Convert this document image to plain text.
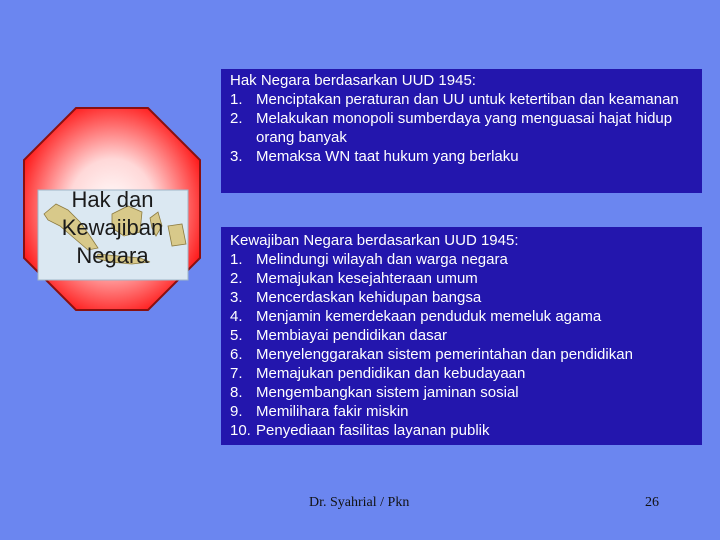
Hak dan
Kewajiban
Negara
Hak Negara berdasarkan UUD 1945:
1. Menciptakan peraturan dan UU untuk ketertiban dan keamanan
2. Melakukan monopoli sumberdaya yang menguasai hajat hidup orang banyak
3. Memaksa WN taat hukum yang berlaku
Kewajiban Negara berdasarkan UUD 1945:
1. Melindungi wilayah dan warga negara
2. Memajukan kesejahteraan umum
3. Mencerdaskan kehidupan bangsa
4. Menjamin kemerdekaan penduduk memeluk agama
5. Membiayai pendidikan dasar
6. Menyelenggarakan sistem pemerintahan dan pendidikan
7. Memajukan pendidikan dan kebudayaan
8. Mengembangkan sistem jaminan sosial
9. Memilihara fakir miskin
10. Penyediaan fasilitas layanan publik
Dr. Syahrial / Pkn	26
